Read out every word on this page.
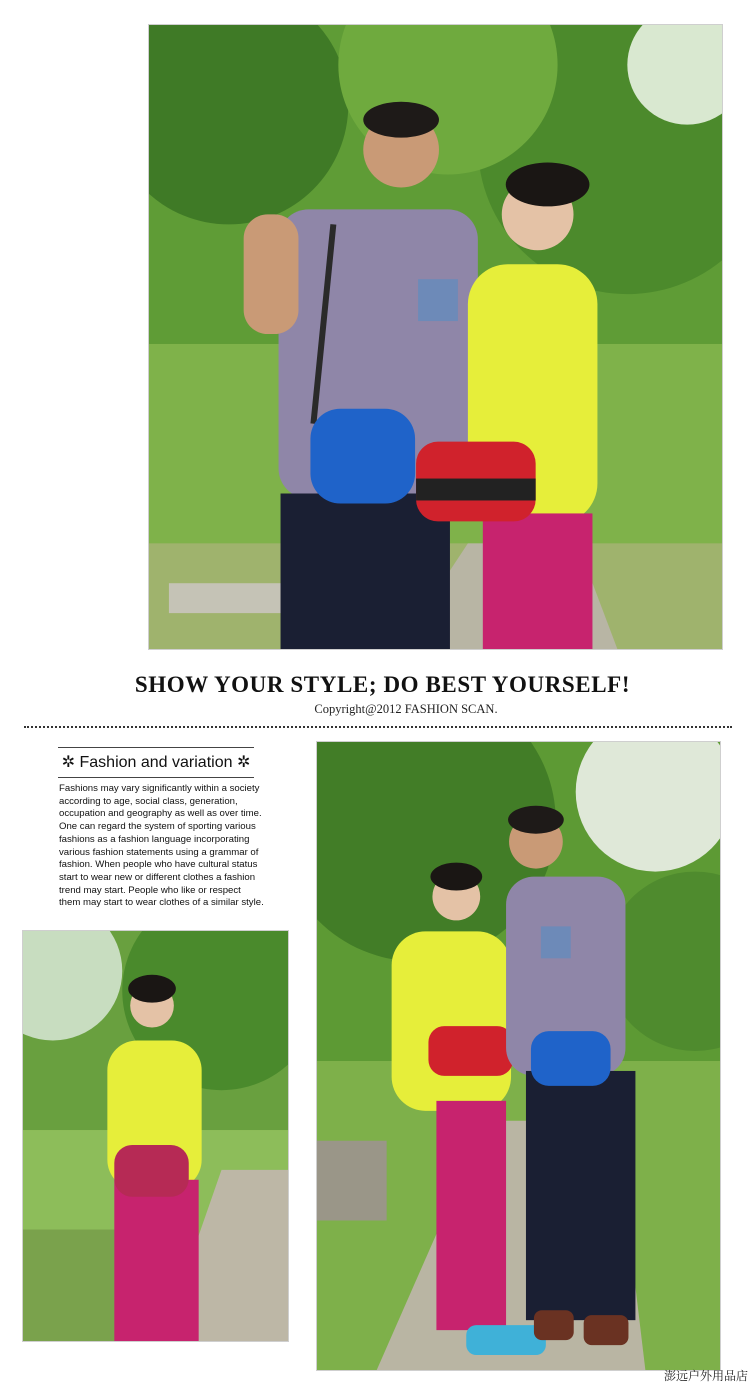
SHOW YOUR STYLE; DO BEST YOURSELF!
Copyright@2012 FASHION SCAN.
✲ Fashion and variation ✲
Fashions may vary significantly within a society according to age, social class, generation, occupation and geography as well as over time. One can regard the system of sporting various fashions as a fashion language incorporating various fashion statements using a grammar of fashion. When people who have cultural status start to wear new or different clothes a fashion trend may start. People who like or respect them may start to wear clothes of a similar style.
澎远户外用品店
